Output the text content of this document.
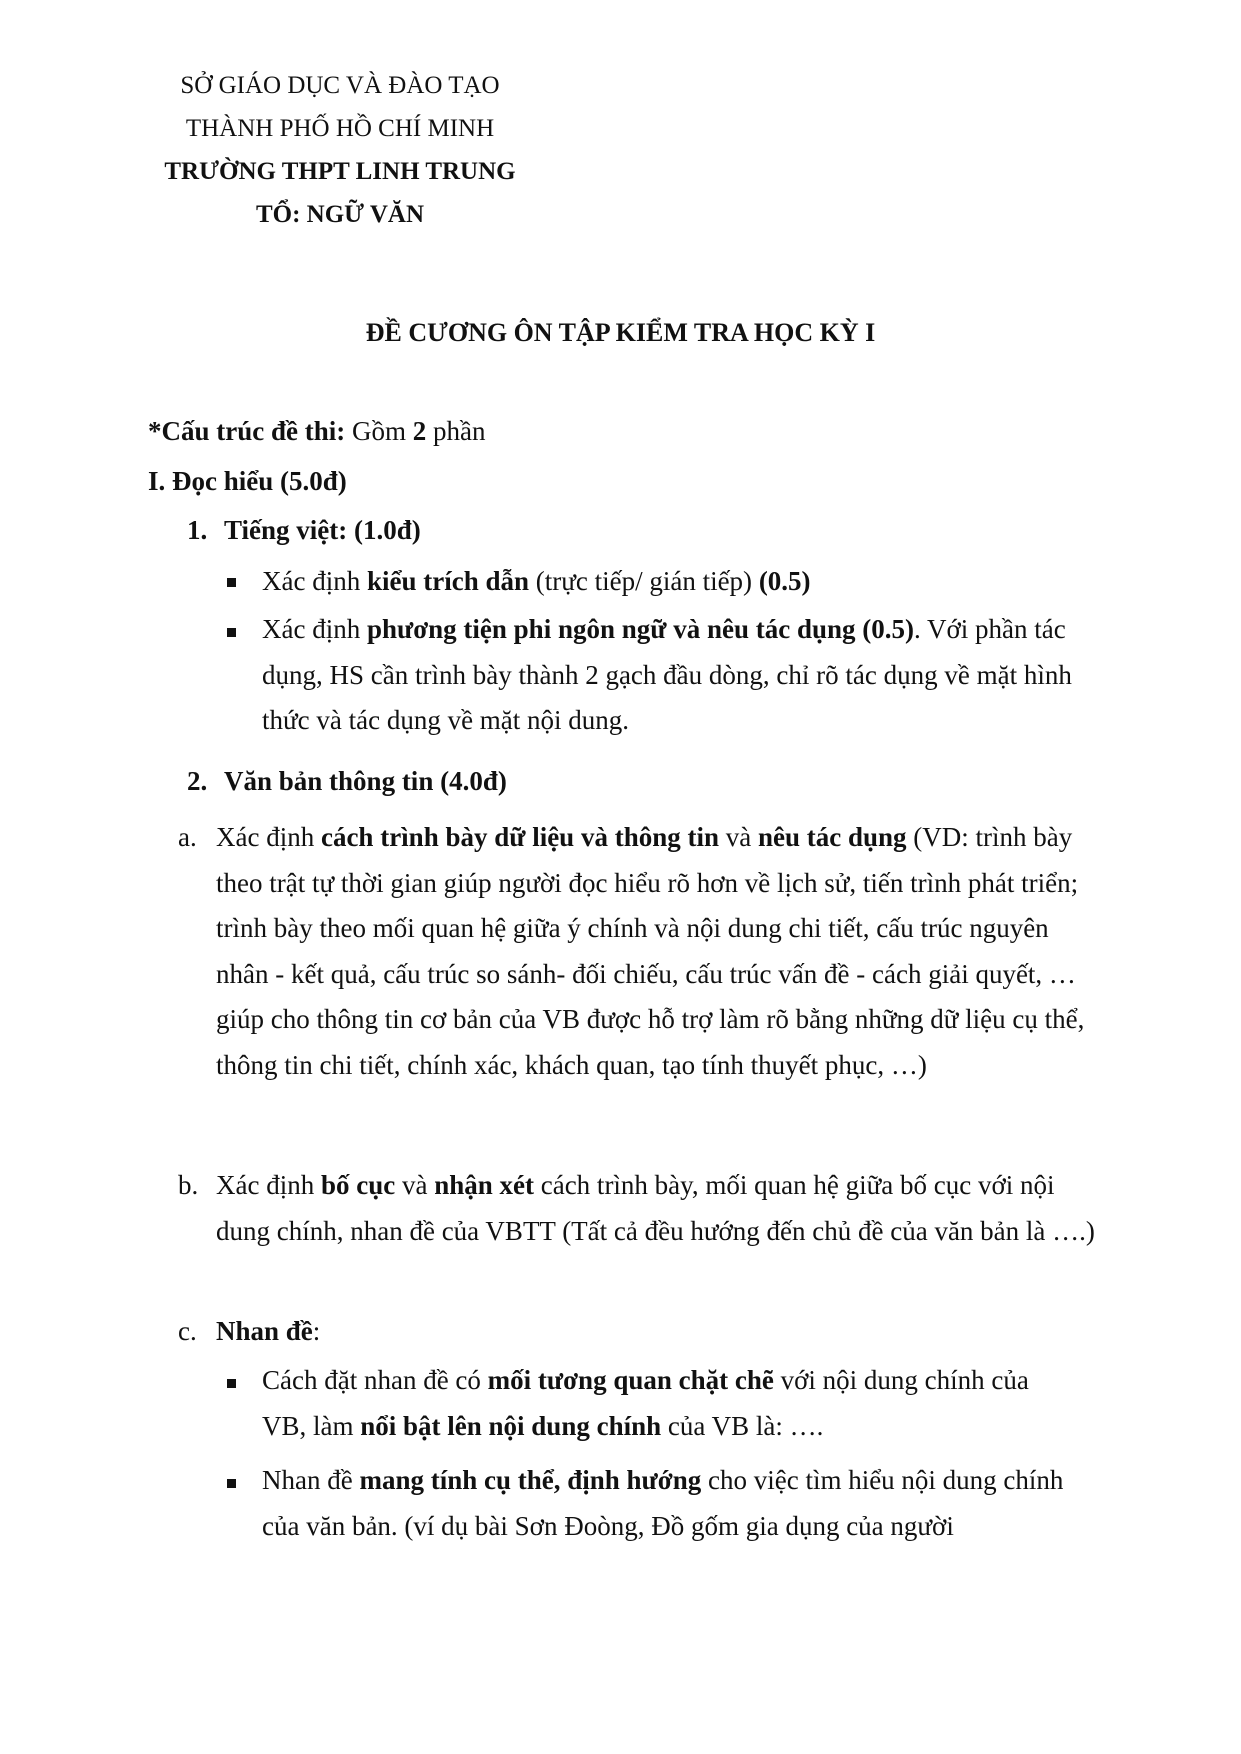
SỞ GIÁO DỤC VÀ ĐÀO TẠO
THÀNH PHỐ HỒ CHÍ MINH
TRƯỜNG THPT LINH TRUNG
TỔ: NGỮ VĂN
ĐỀ CƯƠNG ÔN TẬP KIỂM TRA HỌC KỲ I
*Cấu trúc đề thi: Gồm 2 phần
I. Đọc hiểu (5.0đ)
1. Tiếng việt: (1.0đ)
Xác định kiểu trích dẫn (trực tiếp/ gián tiếp) (0.5)
Xác định phương tiện phi ngôn ngữ và nêu tác dụng (0.5). Với phần tác dụng, HS cần trình bày thành 2 gạch đầu dòng, chỉ rõ tác dụng về mặt hình thức và tác dụng về mặt nội dung.
2. Văn bản thông tin (4.0đ)
a. Xác định cách trình bày dữ liệu và thông tin và nêu tác dụng (VD: trình bày theo trật tự thời gian giúp người đọc hiểu rõ hơn về lịch sử, tiến trình phát triển; trình bày theo mối quan hệ giữa ý chính và nội dung chi tiết, cấu trúc nguyên nhân - kết quả, cấu trúc so sánh- đối chiếu, cấu trúc vấn đề - cách giải quyết, … giúp cho thông tin cơ bản của VB được hỗ trợ làm rõ bằng những dữ liệu cụ thể, thông tin chi tiết, chính xác, khách quan, tạo tính thuyết phục, …)
b. Xác định bố cục và nhận xét cách trình bày, mối quan hệ giữa bố cục với nội dung chính, nhan đề của VBTT (Tất cả đều hướng đến chủ đề của văn bản là ….)
c. Nhan đề:
Cách đặt nhan đề có mối tương quan chặt chẽ với nội dung chính của VB, làm nổi bật lên nội dung chính của VB là: ….
Nhan đề mang tính cụ thể, định hướng cho việc tìm hiểu nội dung chính của văn bản. (ví dụ bài Sơn Đoòng, Đồ gốm gia dụng của người
